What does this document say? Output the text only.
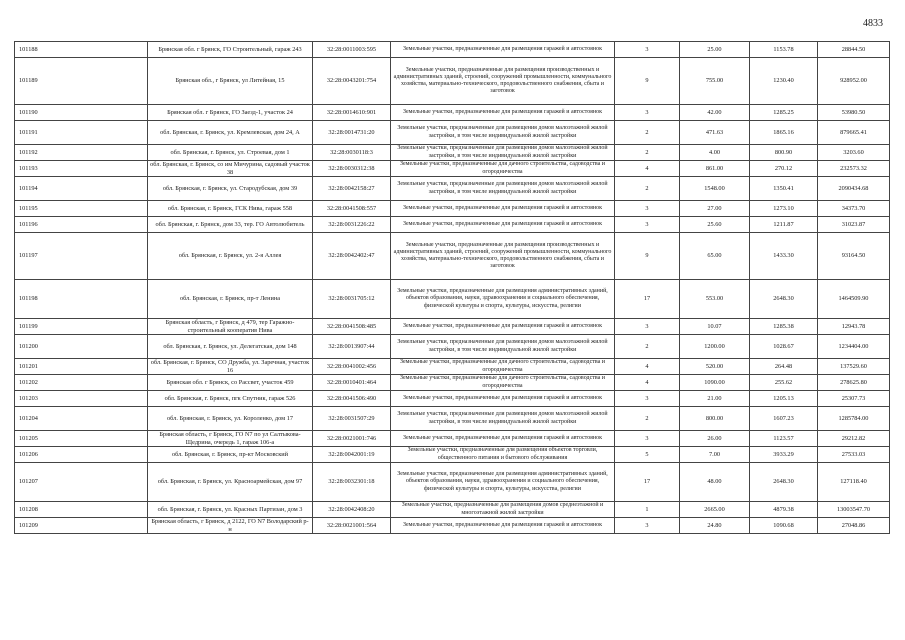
4833
101188	Брянская обл. г Брянск, ГО Строительный, гараж 243	32:28:0011003:595	Земельные участки, предназначенные для размещения гаражей и автостоянок	3	25.00	1153.78	28844.50
101189	Брянская обл., г Брянск, ул Литейная, 15	32:28:0043201:754	Земельные участки, предназначенные для размещения производственных и административных зданий, строений, сооружений промышленности, коммунального хозяйства, материально-технического, продовольственного снабжения, сбыта и заготовок	9	755.00	1230.40	928952.00
101190	Брянская обл. г Брянск, ГО Заезд-1, участок 24	32:28:0014610:901	Земельные участки, предназначенные для размещения гаражей и автостоянок	3	42.00	1285.25	53980.50
101191	обл. Брянская, г. Брянск, ул. Кремлевская, дом 24, А	32:28:0014731:20	Земельные участки, предназначенные для размещения домов малоэтажной жилой застройки, в том числе индивидуальной жилой застройки	2	471.63	1865.16	879665.41
101192	обл. Брянская, г. Брянск, ул. Строевая, дом 1	32:28:0030118:3	Земельные участки, предназначенные для размещения домов малоэтажной жилой застройки, в том числе индивидуальной жилой застройки	2	4.00	800.90	3203.60
101193	обл. Брянская, г. Брянск, со им Мичурина, садовый участок 38	32:28:0030312:38	Земельные участки, предназначенные для дачного строительства, садоводства и огородничества	4	861.00	270.12	232573.32
101194	обл. Брянская, г. Брянск, ул. Стародубская, дом 39	32:28:0042158:27	Земельные участки, предназначенные для размещения домов малоэтажной жилой застройки, в том числе индивидуальной жилой застройки	2	1548.00	1350.41	2090434.68
101195	обл. Брянская, г. Брянск, ГСК Нива, гараж 558	32:28:0041508:557	Земельные участки, предназначенные для размещения гаражей и автостоянок	3	27.00	1273.10	34373.70
101196	обл. Брянская, г. Брянск, дом 33, тер. ГО Автолюбитель	32:28:0031226:22	Земельные участки, предназначенные для размещения гаражей и автостоянок	3	25.60	1211.87	31023.87
101197	обл. Брянская, г. Брянск, ул. 2-я Аллея	32:28:0042402:47	Земельные участки, предназначенные для размещения производственных и административных зданий, строений, сооружений промышленности, коммунального хозяйства, материально-технического, продовольственного снабжения, сбыта и заготовок	9	65.00	1433.30	93164.50
101198	обл. Брянская, г. Брянск, пр-т Ленина	32:28:0031705:12	Земельные участки, предназначенные для размещения административных зданий, объектов образования, науки, здравоохранения и социального обеспечения, физической культуры и спорта, культуры, искусства, религии	17	553.00	2648.30	1464509.90
101199	Брянская область, г Брянск, д 479, тер Гаражно-строительный кооператив Нива	32:28:0041508:485	Земельные участки, предназначенные для размещения гаражей и автостоянок	3	10.07	1285.38	12943.78
101200	обл. Брянская, г. Брянск, ул. Делегатская, дом 148	32:28:0013907:44	Земельные участки, предназначенные для размещения домов малоэтажной жилой застройки, в том числе индивидуальной жилой застройки	2	1200.00	1028.67	1234404.00
101201	обл. Брянская, г. Брянск, СО Дружба, ул. Заречная, участок 16	32:28:0041002:456	Земельные участки, предназначенные для дачного строительства, садоводства и огородничества	4	520.00	264.48	137529.60
101202	Брянская обл. г Брянск, со Рассвет, участок 459	32:28:0010401:464	Земельные участки, предназначенные для дачного строительства, садоводства и огородничества	4	1090.00	255.62	278625.80
101203	обл. Брянская, г. Брянск, пгк Спутник, гараж 526	32:28:0041506:490	Земельные участки, предназначенные для размещения гаражей и автостоянок	3	21.00	1205.13	25307.73
101204	обл. Брянская, г. Брянск, ул. Короленко, дом 17	32:28:0031507:29	Земельные участки, предназначенные для размещения домов малоэтажной жилой застройки, в том числе индивидуальной жилой застройки	2	800.00	1607.23	1285784.00
101205	Брянская область, г Брянск, ГО N7 по ул Салтыкова-Щедрина, очередь 1, гараж 106-а	32:28:0021001:746	Земельные участки, предназначенные для размещения гаражей и автостоянок	3	26.00	1123.57	29212.82
101206	обл. Брянская, г. Брянск, пр-кт Московский	32:28:0042001:19	Земельные участки, предназначенные для размещения объектов торговли, общественного питания и бытового обслуживания	5	7.00	3933.29	27533.03
101207	обл. Брянская, г. Брянск, ул. Красноармейская, дом 97	32:28:0032301:18	Земельные участки, предназначенные для размещения административных зданий, объектов образования, науки, здравоохранения и социального обеспечения, физической культуры и спорта, культуры, искусства, религии	17	48.00	2648.30	127118.40
101208	обл. Брянская, г. Брянск, ул. Красных Партизан, дом 3	32:28:0042408:20	Земельные участки, предназначенные для размещения домов среднеэтажной и многоэтажной жилой застройки	1	2665.00	4879.38	13003547.70
101209	Брянская область, г Брянск, д 2122, ГО N7 Володарский р-н	32:28:0021001:564	Земельные участки, предназначенные для размещения гаражей и автостоянок	3	24.80	1090.68	27048.86
